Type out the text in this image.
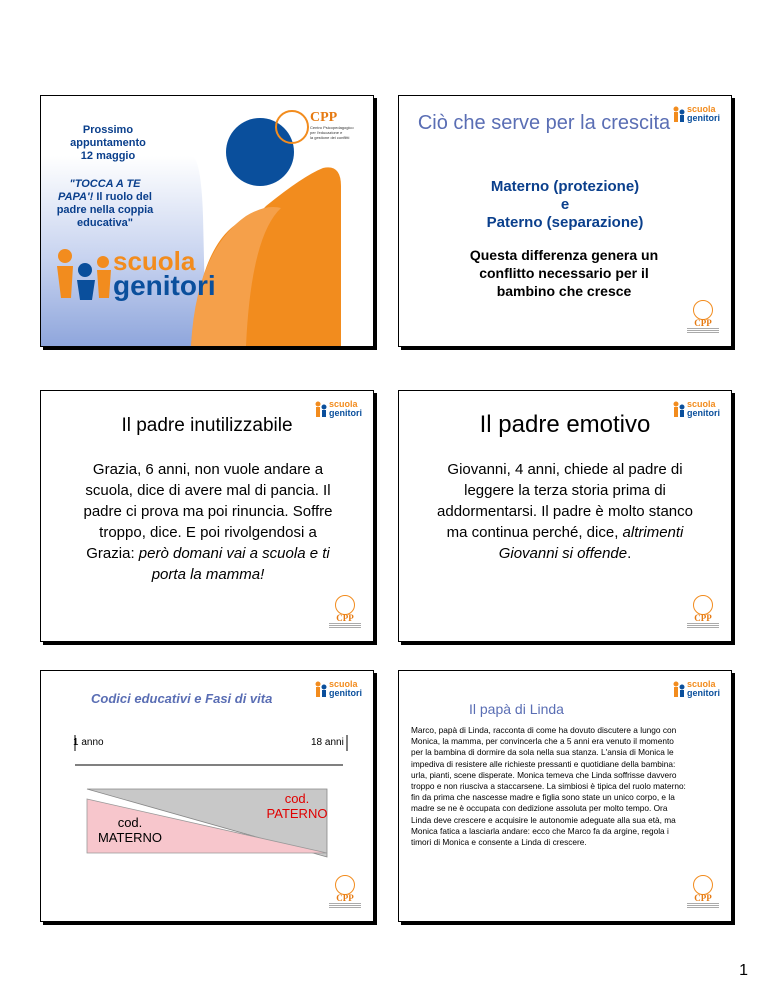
Prossimo
appuntamento
12 maggio
"TOCCA A TE PAPA'! Il ruolo del padre nella coppia educativa"
CPP
Centro Psicopedagogico
per l'educazione e
la gestione dei conflitti
scuola
genitori
scuola
genitori
Ciò che serve per la crescita
Materno (protezione)
e
Paterno (separazione)
Questa differenza genera un conflitto necessario per il bambino che cresce
CPP
scuola
genitori
Il padre inutilizzabile
Grazia, 6 anni, non vuole andare a scuola, dice di avere mal di pancia. Il padre ci prova ma poi rinuncia. Soffre troppo, dice. E poi rivolgendosi a Grazia: però domani vai a scuola e ti porta la mamma!
CPP
scuola
genitori
Il padre emotivo
Giovanni, 4 anni, chiede al padre di leggere la terza storia prima di addormentarsi. Il padre è molto stanco ma continua perché, dice, altrimenti Giovanni si offende.
CPP
scuola
genitori
Codici educativi e Fasi di vita
1 anno	18 anni
cod.
PATERNO
cod.
MATERNO
CPP
scuola
genitori
Il papà di Linda
Marco, papà di Linda, racconta di come ha dovuto discutere a lungo con Monica, la mamma, per convincerla che a 5 anni era venuto il momento per la bambina di dormire da sola nella sua stanza. L'ansia di Monica le impediva di resistere alle richieste pressanti e quotidiane della bambina: urla, pianti, scene disperate. Monica temeva che Linda soffrisse davvero troppo e non riusciva a staccarsene. La simbiosi è tipica del ruolo materno: fin da prima che nascesse madre e figlia sono state un unico corpo, e la madre se ne è occupata con dedizione assoluta per molto tempo. Ora Linda deve crescere e acquisire le autonomie adeguate alla sua età, ma Monica fatica a lasciarla andare: ecco che Marco fa da argine, regola i timori di Monica e consente a Linda di crescere.
CPP
1
